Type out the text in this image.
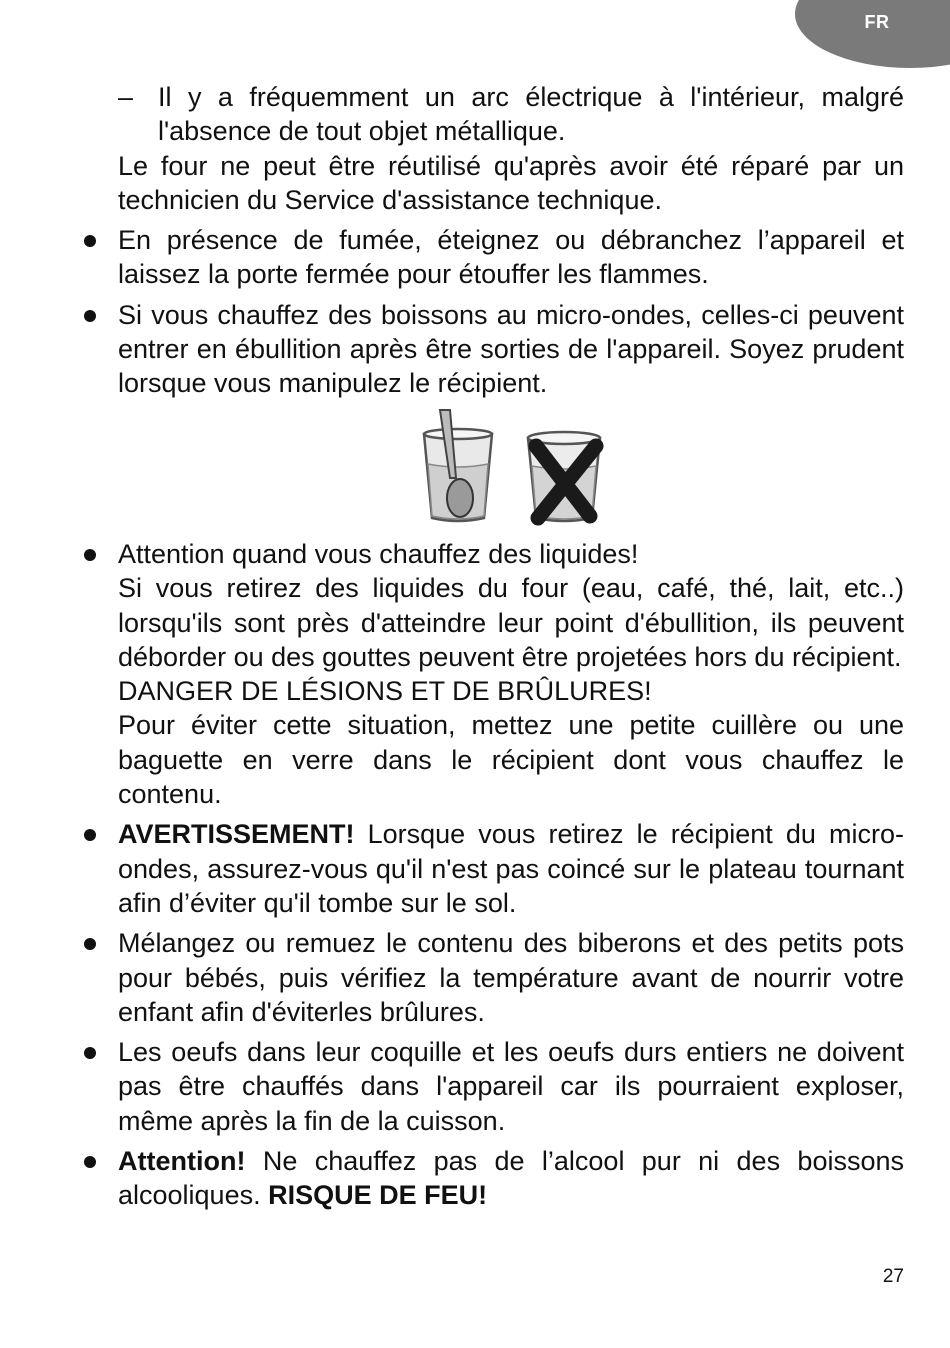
FR
– Il y a fréquemment un arc électrique à l'intérieur, malgré l'absence de tout objet métallique.
Le four ne peut être réutilisé qu'après avoir été réparé par un technicien du Service d'assistance technique.
En présence de fumée, éteignez ou débranchez l’appareil et laissez la porte fermée pour étouffer les flammes.
Si vous chauffez des boissons au micro-ondes, celles-ci peuvent entrer en ébullition après être sorties de l'appareil. Soyez prudent lorsque vous manipulez le récipient.
Attention quand vous chauffez des liquides!
Si vous retirez des liquides du four (eau, café, thé, lait, etc..) lorsqu'ils sont près d'atteindre leur point d'ébullition, ils peuvent déborder ou des gouttes peuvent être projetées hors du récipient.
DANGER DE LÉSIONS ET DE BRÛLURES!
Pour éviter cette situation, mettez une petite cuillère ou une baguette en verre dans le récipient dont vous chauffez le contenu.
AVERTISSEMENT! Lorsque vous retirez le récipient du micro-ondes, assurez-vous qu'il n'est pas coincé sur le plateau tournant afin d’éviter qu'il tombe sur le sol.
Mélangez ou remuez le contenu des biberons et des petits pots pour bébés, puis vérifiez la température avant de nourrir votre enfant afin d'éviterles brûlures.
Les oeufs dans leur coquille et les oeufs durs entiers ne doivent pas être chauffés dans l'appareil car ils pourraient exploser, même après la fin de la cuisson.
Attention! Ne chauffez pas de l’alcool pur ni des boissons alcooliques. RISQUE DE FEU!
27
